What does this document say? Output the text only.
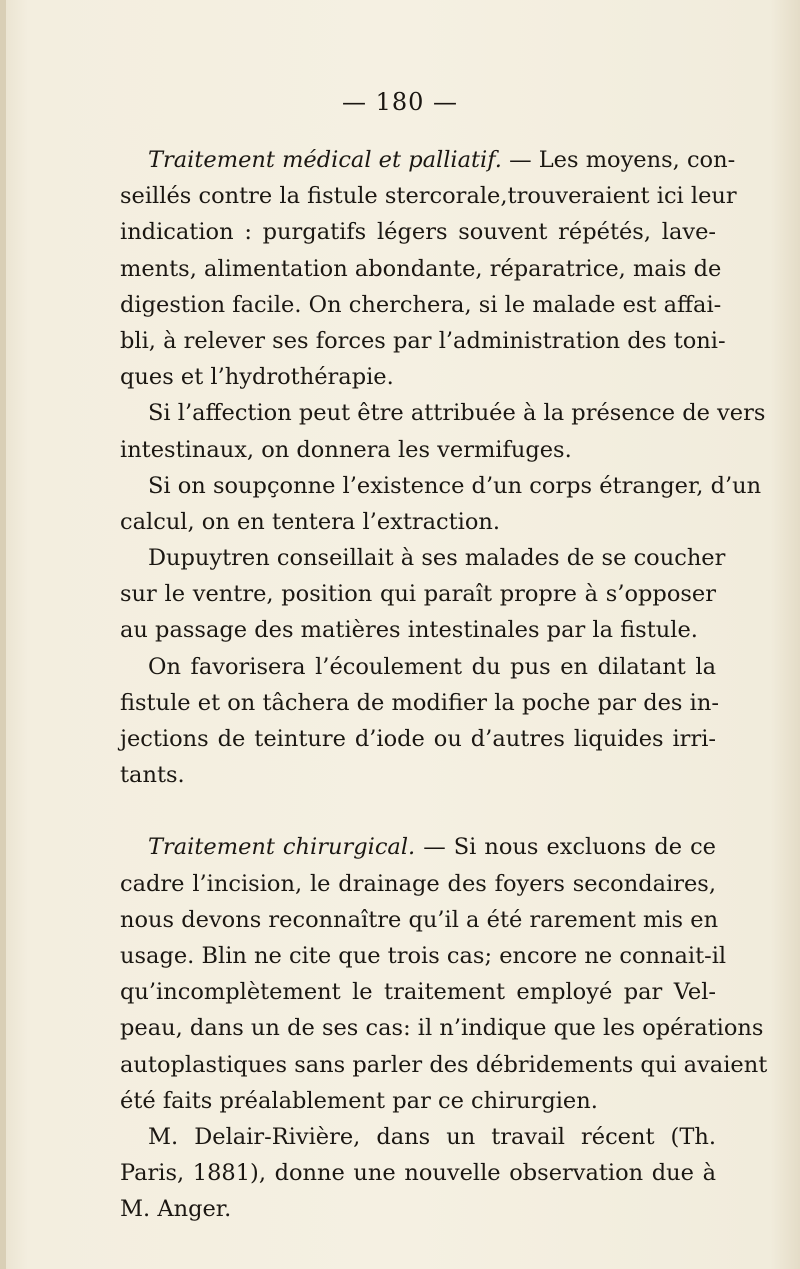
— 180 —
Traitement médical et palliatif. — Les moyens, con-
seillés contre la fistule stercorale,trouveraient ici leur
indication : purgatifs légers souvent répétés, lave-
ments, alimentation abondante, réparatrice, mais de
digestion facile. On cherchera, si le malade est affai-
bli, à relever ses forces par l’administration des toni-
ques et l’hydrothérapie.
Si l’affection peut être attribuée à la présence de vers
intestinaux, on donnera les vermifuges.
Si on soupçonne l’existence d’un corps étranger, d’un
calcul, on en tentera l’extraction.
Dupuytren conseillait à ses malades de se coucher
sur le ventre, position qui paraît propre à s’opposer
au passage des matières intestinales par la fistule.
On favorisera l’écoulement du pus en dilatant la
fistule et on tâchera de modifier la poche par des in-
jections de teinture d’iode ou d’autres liquides irri-
tants.
Traitement chirurgical. — Si nous excluons de ce
cadre l’incision, le drainage des foyers secondaires,
nous devons reconnaître qu’il a été rarement mis en
usage. Blin ne cite que trois cas; encore ne connait-il
qu’incomplètement le traitement employé par Vel-
peau, dans un de ses cas: il n’indique que les opérations
autoplastiques sans parler des débridements qui avaient
été faits préalablement par ce chirurgien.
M. Delair-Rivière, dans un travail récent (Th.
Paris, 1881), donne une nouvelle observation due à
M. Anger.
